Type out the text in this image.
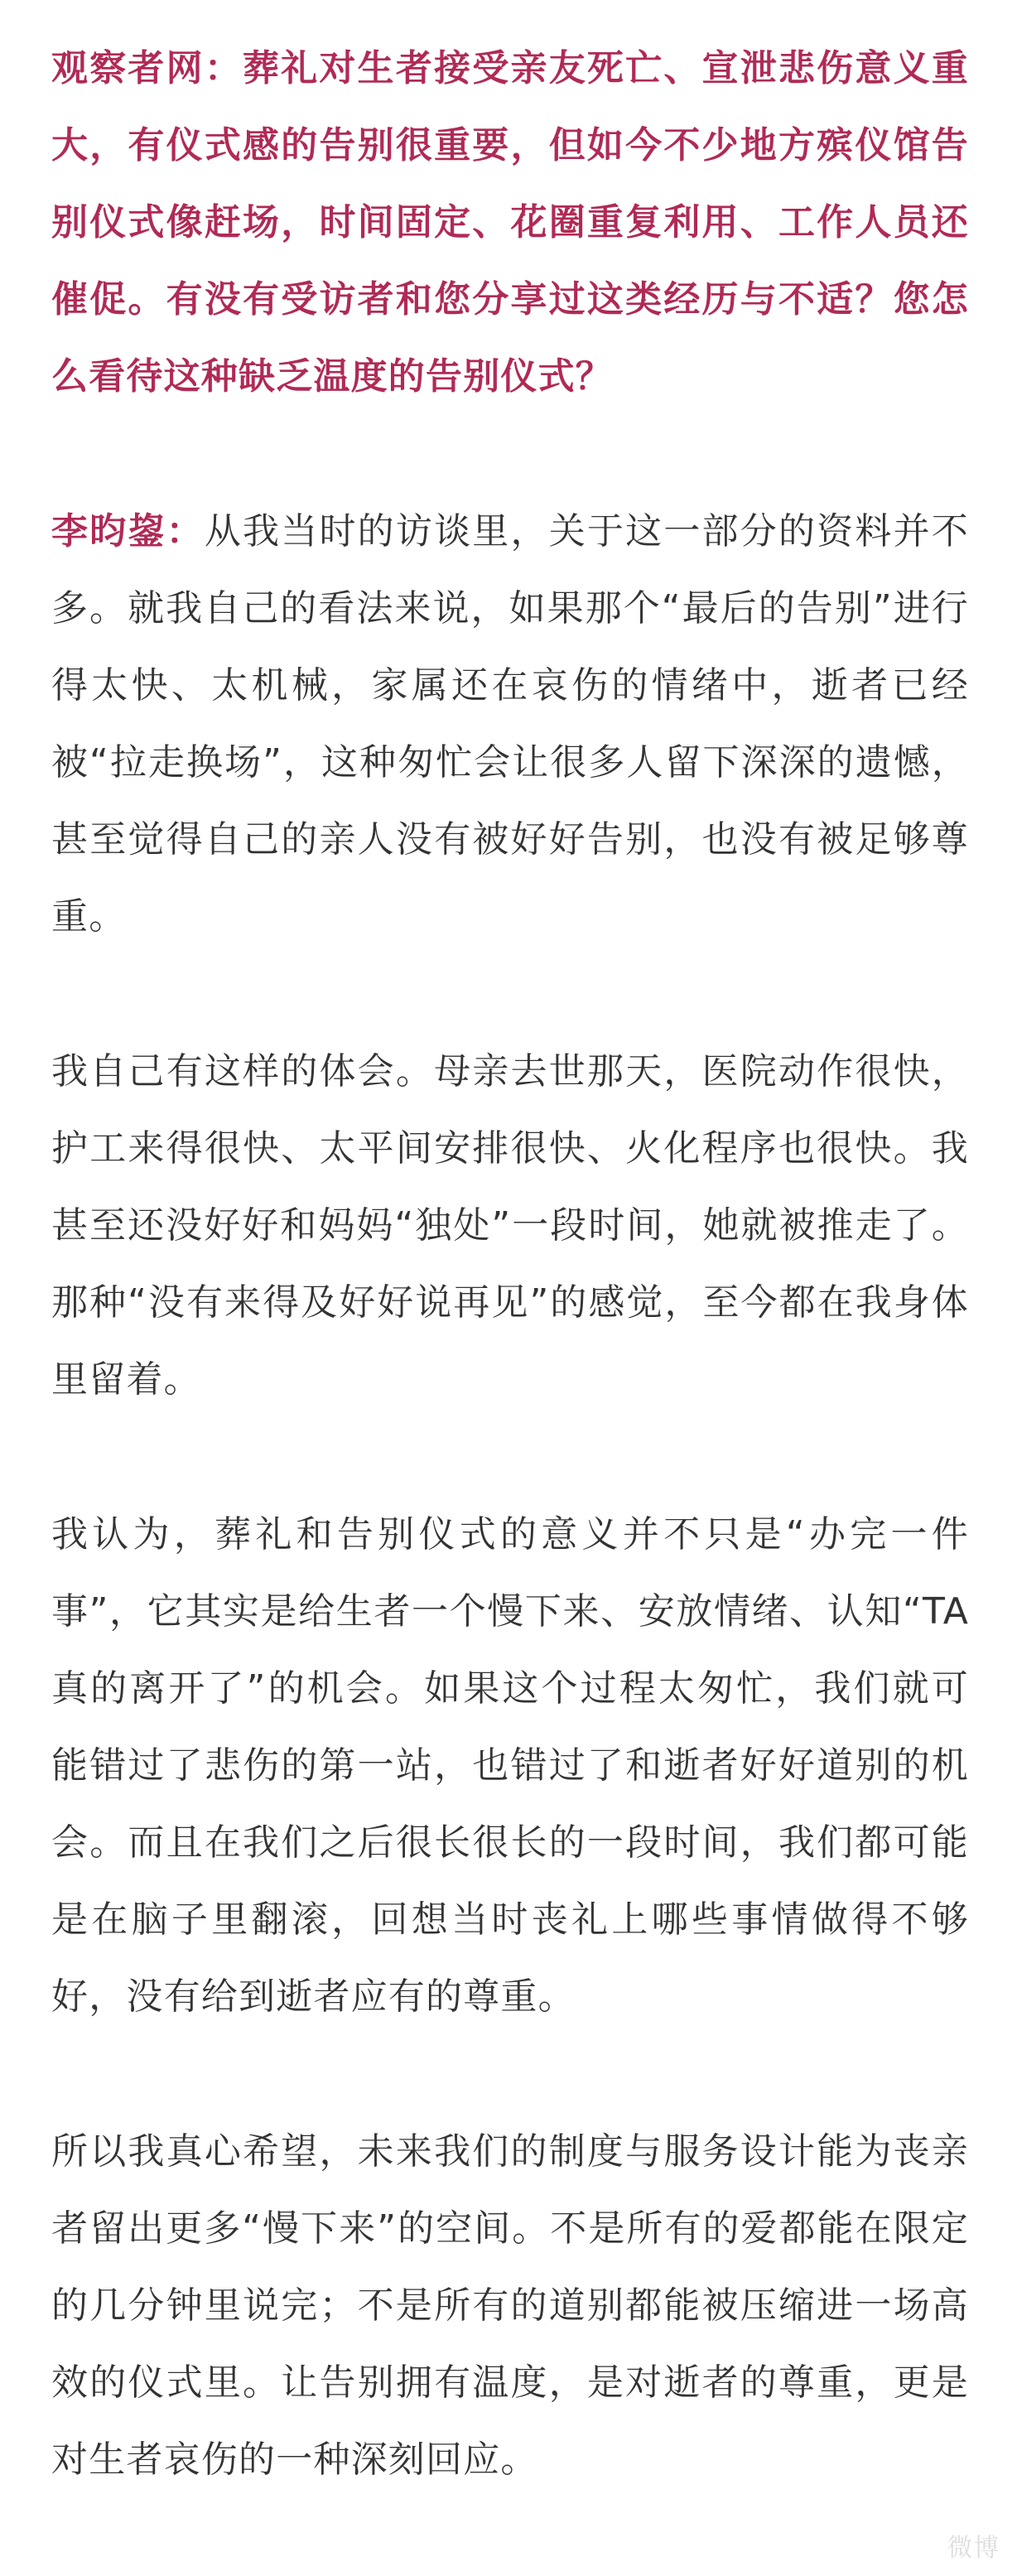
观察者网：葬礼对生者接受亲友死亡、宣泄悲伤意义重大，有仪式感的告别很重要，但如今不少地方殡仪馆告别仪式像赶场，时间固定、花圈重复利用、工作人员还催促。有没有受访者和您分享过这类经历与不适？您怎么看待这种缺乏温度的告别仪式？

李昀鋆：从我当时的访谈里，关于这一部分的资料并不多。就我自己的看法来说，如果那个“最后的告别”进行得太快、太机械，家属还在哀伤的情绪中，逝者已经被“拉走换场”，这种匆忙会让很多人留下深深的遗憾，甚至觉得自己的亲人没有被好好告别，也没有被足够尊重。

我自己有这样的体会。母亲去世那天，医院动作很快，护工来得很快、太平间安排很快、火化程序也很快。我甚至还没好好和妈妈“独处”一段时间，她就被推走了。那种“没有来得及好好说再见”的感觉，至今都在我身体里留着。

我认为，葬礼和告别仪式的意义并不只是“办完一件事”，它其实是给生者一个慢下来、安放情绪、认知“TA真的离开了”的机会。如果这个过程太匆忙，我们就可能错过了悲伤的第一站，也错过了和逝者好好道别的机会。而且在我们之后很长很长的一段时间，我们都可能是在脑子里翻滚，回想当时丧礼上哪些事情做得不够好，没有给到逝者应有的尊重。

所以我真心希望，未来我们的制度与服务设计能为丧亲者留出更多“慢下来”的空间。不是所有的爱都能在限定的几分钟里说完；不是所有的道别都能被压缩进一场高效的仪式里。让告别拥有温度，是对逝者的尊重，更是对生者哀伤的一种深刻回应。

微博
